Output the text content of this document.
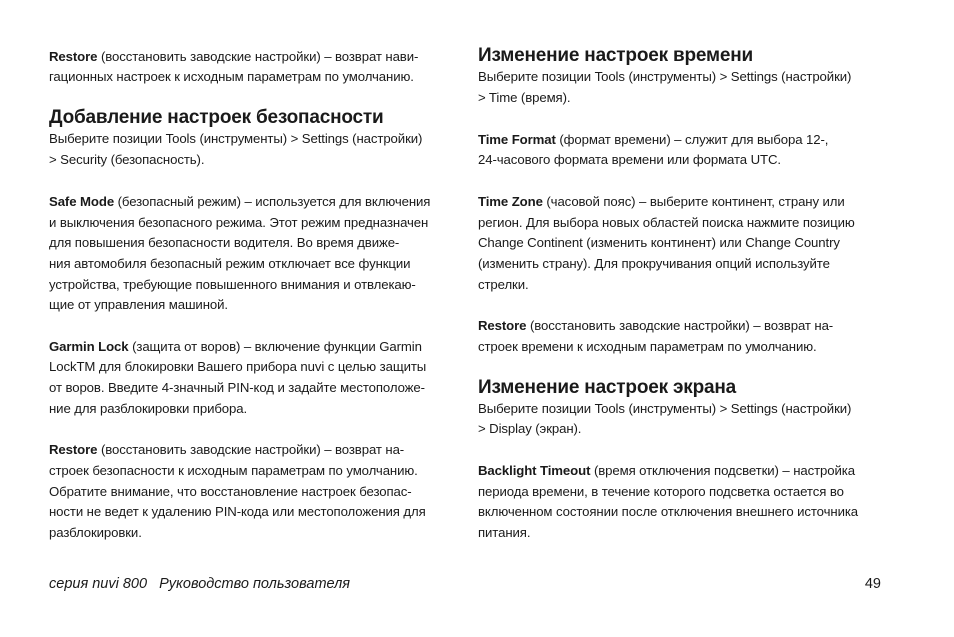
Restore (восстановить заводские настройки) – возврат нави-
гационных настроек к исходным параметрам по умолчанию.
Добавление настроек безопасности
Выберите позиции Tools (инструменты) > Settings (настройки)
> Security (безопасность).
Safe Mode (безопасный режим) – используется для включения
и выключения безопасного режима. Этот режим предназначен
для повышения безопасности водителя. Во время движе-
ния автомобиля безопасный режим отключает все функции
устройства, требующие повышенного внимания и отвлекаю-
щие от управления машиной.
Garmin Lock (защита от воров) – включение функции Garmin
LockTM для блокировки Вашего прибора nuvi с целью защиты
от воров. Введите 4-значный PIN-код и задайте местоположе-
ние для разблокировки прибора.
Restore (восстановить заводские настройки) – возврат на-
строек безопасности к исходным параметрам по умолчанию.
Обратите внимание, что восстановление настроек безопас-
ности не ведет к удалению PIN-кода или местоположения для
разблокировки.
Изменение настроек времени
Выберите позиции Tools (инструменты) > Settings (настройки)
> Time (время).
Time Format (формат времени) – служит для выбора 12-,
24-часового формата времени или формата UTC.
Time Zone (часовой пояс) – выберите континент, страну или
регион. Для выбора новых областей поиска нажмите позицию
Change Continent (изменить континент) или Change Country
(изменить страну). Для прокручивания опций используйте
стрелки.
Restore (восстановить заводские настройки) – возврат на-
строек времени к исходным параметрам по умолчанию.
Изменение настроек экрана
Выберите позиции Tools (инструменты) > Settings (настройки)
> Display (экран).
Backlight Timeout (время отключения подсветки) – настройка
периода времени, в течение которого подсветка остается во
включенном состоянии после отключения внешнего источника
питания.
серия nuvi 800   Руководство пользователя	49
